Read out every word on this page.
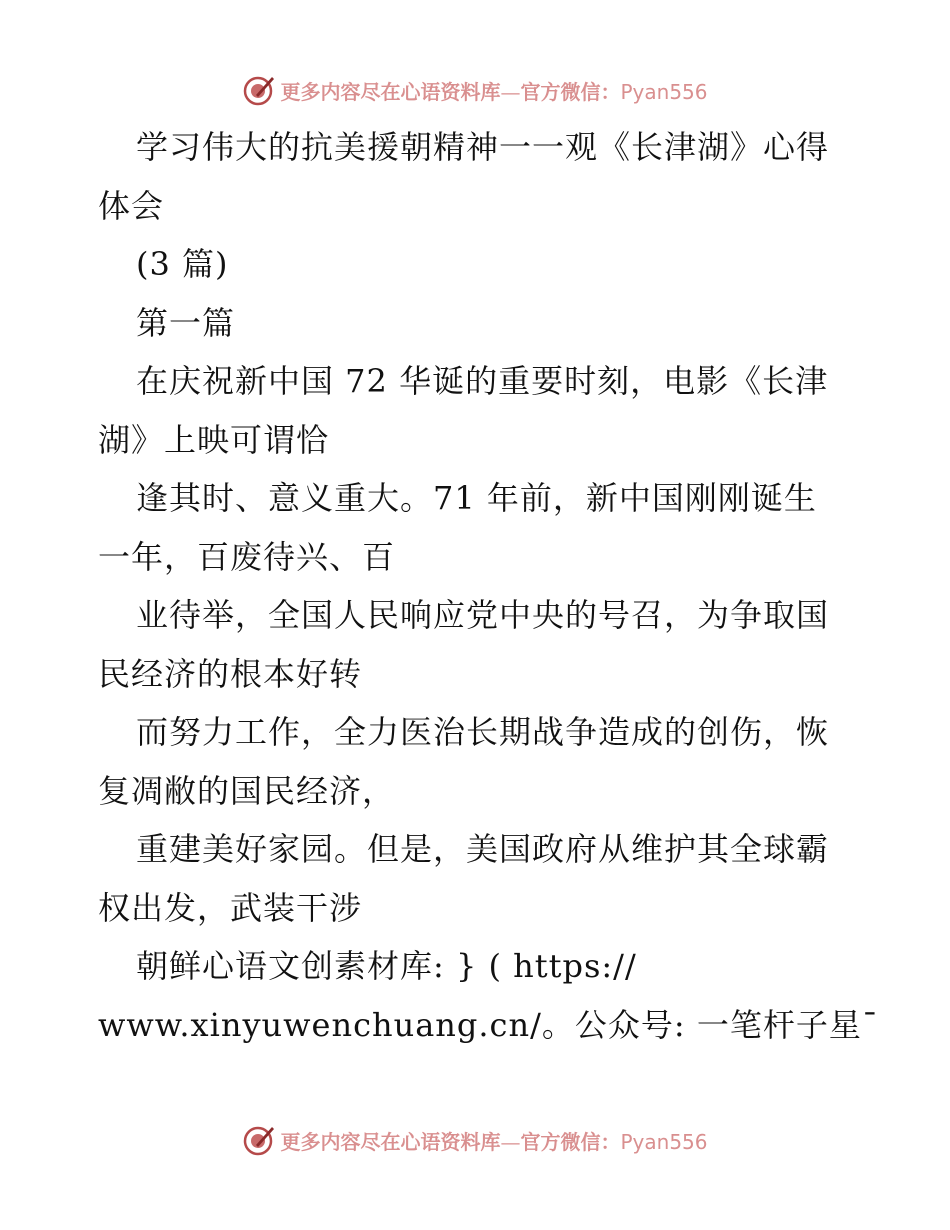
更多内容尽在心语资料库—官方微信：Pyan556
学习伟大的抗美援朝精神一一观《长津湖》心得
体会
(3 篇)
第一篇
在庆祝新中国 72 华诞的重要时刻，电影《长津
湖》上映可谓恰
逢其时、意义重大。71 年前，新中国刚刚诞生
一年，百废待兴、百
业待举，全国人民响应党中央的号召，为争取国
民经济的根本好转
而努力工作，全力医治长期战争造成的创伤，恢
复凋敝的国民经济，
重建美好家园。但是，美国政府从维护其全球霸
权出发，武装干涉
朝鲜心语文创素材库: } ( https://
www.xinyuwenchuang.cn/。公众号: 一笔杆子星¯
更多内容尽在心语资料库—官方微信：Pyan556
